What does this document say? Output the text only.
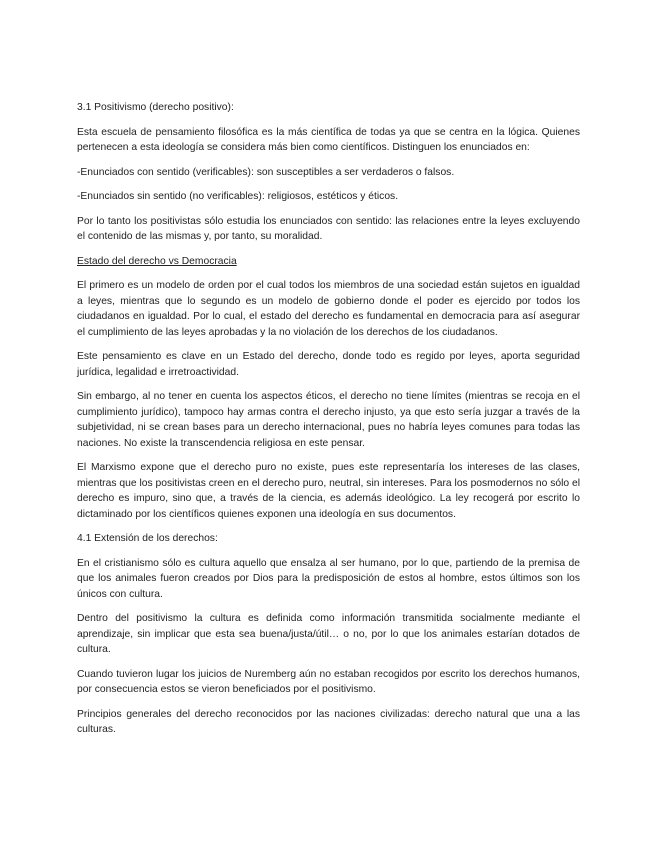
3.1 Positivismo (derecho positivo):

Esta escuela de pensamiento filosófica es la más científica de todas ya que se centra en la lógica. Quienes pertenecen a esta ideología se considera más bien como científicos. Distinguen los enunciados en:

-Enunciados con sentido (verificables): son susceptibles a ser verdaderos o falsos.

-Enunciados sin sentido (no verificables): religiosos, estéticos y éticos.

Por lo tanto los positivistas sólo estudia los enunciados con sentido: las relaciones entre la leyes excluyendo el contenido de las mismas y, por tanto, su moralidad.

Estado del derecho vs Democracia

El primero es un modelo de orden por el cual todos los miembros de una sociedad están sujetos en igualdad a leyes, mientras que lo segundo es un modelo de gobierno donde el poder es ejercido por todos los ciudadanos en igualdad. Por lo cual, el estado del derecho es fundamental en democracia para así asegurar el cumplimiento de las leyes aprobadas y la no violación de los derechos de los ciudadanos.

Este pensamiento es clave en un Estado del derecho, donde todo es regido por leyes, aporta seguridad jurídica, legalidad e irretroactividad.

Sin embargo, al no tener en cuenta los aspectos éticos, el derecho no tiene límites (mientras se recoja en el cumplimiento jurídico), tampoco hay armas contra el derecho injusto, ya que esto sería juzgar a través de la subjetividad, ni se crean bases para un derecho internacional, pues no habría leyes comunes para todas las naciones. No existe la transcendencia religiosa en este pensar.

El Marxismo expone que el derecho puro no existe, pues este representaría los intereses de las clases, mientras que los positivistas creen en el derecho puro, neutral, sin intereses. Para los posmodernos no sólo el derecho es impuro, sino que, a través de la ciencia, es además ideológico. La ley recogerá por escrito lo dictaminado por los científicos quienes exponen una ideología en sus documentos.

4.1 Extensión de los derechos:

En el cristianismo sólo es cultura aquello que ensalza al ser humano, por lo que, partiendo de la premisa de que los animales fueron creados por Dios para la predisposición de estos al hombre, estos últimos son los únicos con cultura.

Dentro del positivismo la cultura es definida como información transmitida socialmente mediante el aprendizaje, sin implicar que esta sea buena/justa/útil… o no, por lo que los animales estarían dotados de cultura.

Cuando tuvieron lugar los juicios de Nuremberg aún no estaban recogidos por escrito los derechos humanos, por consecuencia estos se vieron beneficiados por el positivismo.

Principios generales del derecho reconocidos por las naciones civilizadas: derecho natural que una a las culturas.
